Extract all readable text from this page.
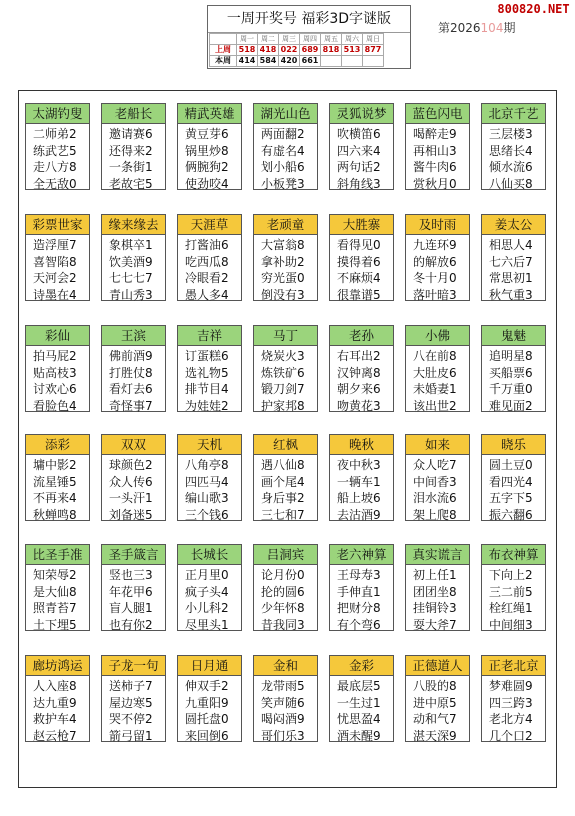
800820.NET
一周开奖号 福彩3D字谜版
	周一	周二	周三	周四	周五	周六	周日
上周	518	418	022	689	818	513	877
本周	414	584	420	661			
第2026104期
太湖钓叟
二师弟2
练武艺5
走八方8
全无敌0
老船长
邀请赛6
还得来2
一条街1
老故宅5
精武英雄
黄豆芽6
锅里炒8
俩腕狗2
使劲咬4
湖光山色
两面翻2
有虚名4
划小船6
小板凳3
灵狐说梦
吹横笛6
四六来4
两句话2
斜角线3
蓝色闪电
喝醉走9
再相山3
酱牛肉6
赏秋月0
北京千艺
三层楼3
思绪长4
倾水流6
八仙买8
彩票世家
造浮厘7
喜智陷8
天河会2
诗墨在4
缘来缘去
象棋卒1
饮美酒9
七七七7
青山秀3
天涯草
打酱油6
吃西瓜8
冷眼看2
愚人多4
老顽童
大富翁8
拿补助2
穷光蛋0
倒没有3
大胜寨
看得见0
摸得着6
不麻烦4
很靠谱5
及时雨
九连环9
的解放6
冬十月0
落叶暗3
姜太公
相思人4
七六后7
常思初1
秋气重3
彩仙
拍马屁2
贴高枝3
讨欢心6
看脸色4
王滨
佛前酒9
打胜仗8
看灯去6
奇怪事7
吉祥
订蛋糕6
选礼物5
排节目4
为娃娃2
马丁
烧炭火3
炼铁矿6
锻刀剑7
护家邦8
老孙
右耳出2
汉钟离8
朝夕来6
吻黄花3
小佛
八在前8
大肚皮6
未婚妻1
该出世2
鬼魅
追明星8
买船票6
千万重0
难见面2
添彩
墉中影2
流星锤5
不再来4
秋蝉鸣8
双双
球颜色2
众人传6
一头汗1
刘备迷5
天机
八角亭8
四匹马4
编山歌3
三个钱6
红枫
遇八仙8
画个尾4
身后事2
三七和7
晚秋
夜中秋3
一辆车1
船上坡6
去沽酒9
如来
众人吃7
中间香3
泪水流6
架上爬8
晓乐
圆土豆0
看四光4
五字下5
振六翻6
比圣手准
知荣辱2
是大仙8
照青苔7
土下埋5
圣手箴言
竖也三3
年花甲6
盲人腿1
也有你2
长城长
正月里0
疯子头4
小儿科2
尽里头1
吕洞宾
论月份0
抡的圆6
少年怀8
昔我同3
老六神算
王母寿3
手伸直1
把财分8
有个弯6
真实谎言
初上任1
团团坐8
挂铜铃3
耍大斧7
布衣神算
下向上2
三二前5
栓红绳1
中间细3
廊坊鸿运
人入座8
达九重9
救护车4
赵云枪7
子龙一句
送柿子7
屋边寒5
哭不停2
箭弓留1
日月通
伸双手2
九重阳9
圆托盘0
来回倒6
金和
龙带雨5
笑声随6
喝闷酒9
哥们乐3
金彩
最底层5
一生过1
忧思盈4
酒未醒9
正德道人
八股的8
进中原5
动和气7
湛天深9
正老北京
梦难圆9
四三跨3
老北方4
几个口2
